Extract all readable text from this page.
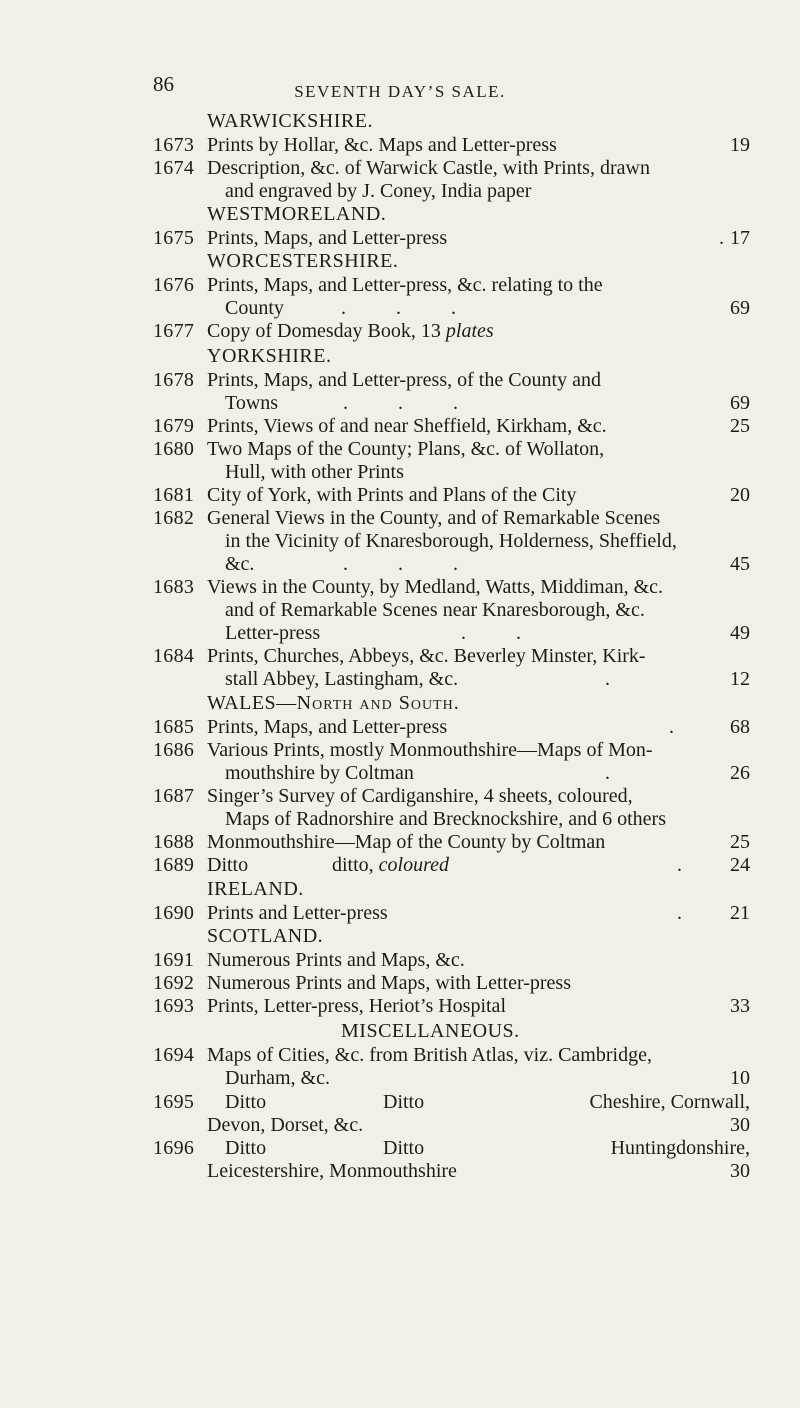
86	SEVENTH DAY’S SALE.
WARWICKSHIRE.
1673 Prints by Hollar, &c. Maps and Letter-press	19
1674 Description, &c. of Warwick Castle, with Prints, drawn
and engraved by J. Coney, India paper
WESTMORELAND.
1675 Prints, Maps, and Letter-press	. 17
WORCESTERSHIRE.
1676 Prints, Maps, and Letter-press, &c. relating to the
County	.          .          .	69
1677 Copy of Domesday Book, 13 plates
YORKSHIRE.
1678 Prints, Maps, and Letter-press, of the County and
Towns	.          .          .	69
1679 Prints, Views of and near Sheffield, Kirkham, &c.	25
1680 Two Maps of the County; Plans, &c. of Wollaton,
Hull, with other Prints
1681 City of York, with Prints and Plans of the City	20
1682 General Views in the County, and of Remarkable Scenes
in the Vicinity of Knaresborough, Holderness, Sheffield,
&c.	.          .          .	45
1683 Views in the County, by Medland, Watts, Middiman, &c.
and of Remarkable Scenes near Knaresborough, &c.
Letter-press	.          .	49
1684 Prints, Churches, Abbeys, &c. Beverley Minster, Kirk-
stall Abbey, Lastingham, &c.	.	12
WALES—North and South.
1685 Prints, Maps, and Letter-press	.	68
1686 Various Prints, mostly Monmouthshire—Maps of Mon-
mouthshire by Coltman	.	26
1687 Singer’s Survey of Cardiganshire, 4 sheets, coloured,
Maps of Radnorshire and Brecknockshire, and 6 others
1688 Monmouthshire—Map of the County by Coltman	25
1689 Ditto	ditto, coloured	. 24
IRELAND.
1690 Prints and Letter-press	. 21
SCOTLAND.
1691 Numerous Prints and Maps, &c.
1692 Numerous Prints and Maps, with Letter-press
1693 Prints, Letter-press, Heriot’s Hospital	33
MISCELLANEOUS.
1694 Maps of Cities, &c. from British Atlas, viz. Cambridge,
Durham, &c.	10
1695 Ditto	Ditto	Cheshire, Cornwall,
Devon, Dorset, &c.	30
1696 Ditto	Ditto	Huntingdonshire,
Leicestershire, Monmouthshire	30
